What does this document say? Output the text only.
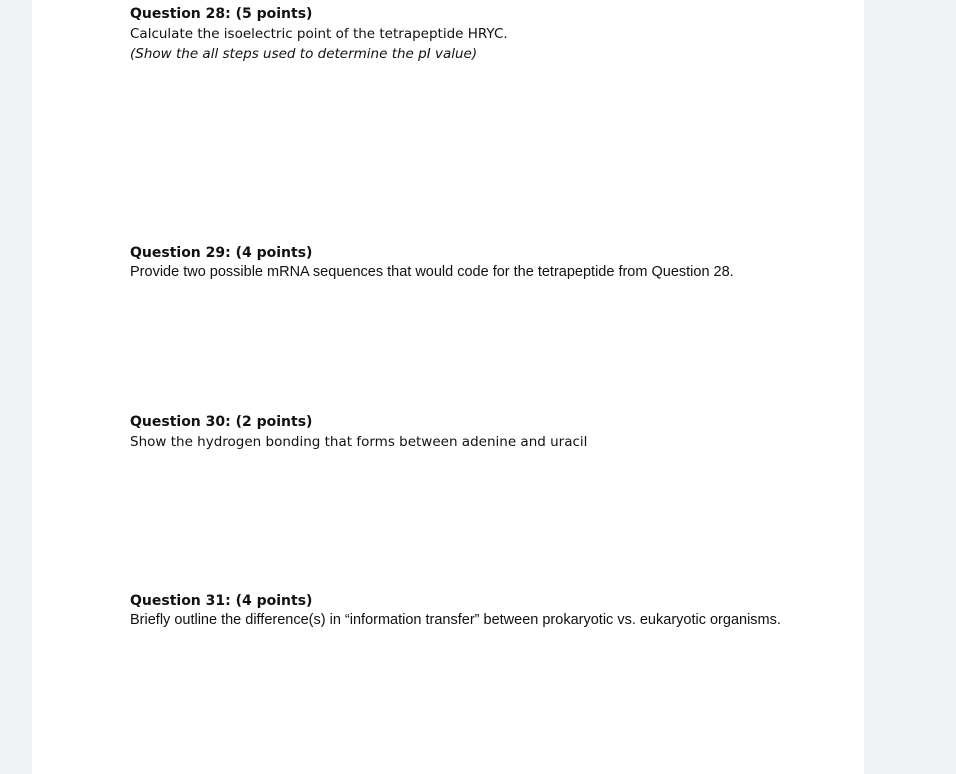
Question 28: (5 points)

Calculate the isoelectric point of the tetrapeptide HRYC.

(Show the all steps used to determine the pI value)

Question 29: (4 points)

Provide two possible mRNA sequences that would code for the tetrapeptide from Question 28.

Question 30: (2 points)

Show the hydrogen bonding that forms between adenine and uracil

Question 31: (4 points)

Briefly outline the difference(s) in “information transfer” between prokaryotic vs. eukaryotic organisms.
